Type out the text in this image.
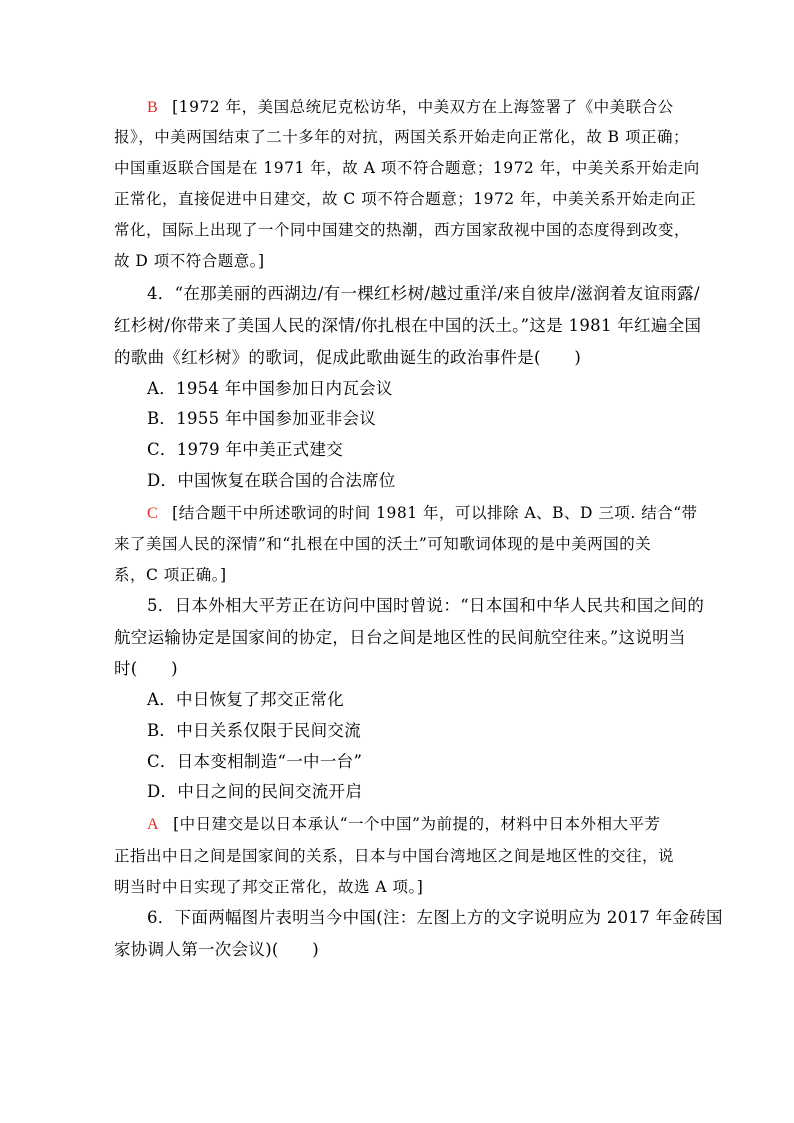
B [1972 年，美国总统尼克松访华，中美双方在上海签署了《中美联合公
报》，中美两国结束了二十多年的对抗，两国关系开始走向正常化，故 B 项正确；
中国重返联合国是在 1971 年，故 A 项不符合题意；1972 年，中美关系开始走向
正常化，直接促进中日建交，故 C 项不符合题意；1972 年，中美关系开始走向正
常化，国际上出现了一个同中国建交的热潮，西方国家敌视中国的态度得到改变，
故 D 项不符合题意。]
4．“在那美丽的西湖边/有一棵红杉树/越过重洋/来自彼岸/滋润着友谊雨露/
红杉树/你带来了美国人民的深情/你扎根在中国的沃土。”这是 1981 年红遍全国
的歌曲《红杉树》的歌词，促成此歌曲诞生的政治事件是(　　)
A．1954 年中国参加日内瓦会议
B．1955 年中国参加亚非会议
C．1979 年中美正式建交
D．中国恢复在联合国的合法席位
C [结合题干中所述歌词的时间 1981 年，可以排除 A、B、D 三项. 结合“带
来了美国人民的深情”和“扎根在中国的沃土”可知歌词体现的是中美两国的关
系，C 项正确。]
5．日本外相大平芳正在访问中国时曾说：“日本国和中华人民共和国之间的
航空运输协定是国家间的协定，日台之间是地区性的民间航空往来。”这说明当
时(　　)
A．中日恢复了邦交正常化
B．中日关系仅限于民间交流
C．日本变相制造“一中一台”
D．中日之间的民间交流开启
A [中日建交是以日本承认“一个中国”为前提的，材料中日本外相大平芳
正指出中日之间是国家间的关系，日本与中国台湾地区之间是地区性的交往，说
明当时中日实现了邦交正常化，故选 A 项。]
6．下面两幅图片表明当今中国(注：左图上方的文字说明应为 2017 年金砖国
家协调人第一次会议)(　　)
